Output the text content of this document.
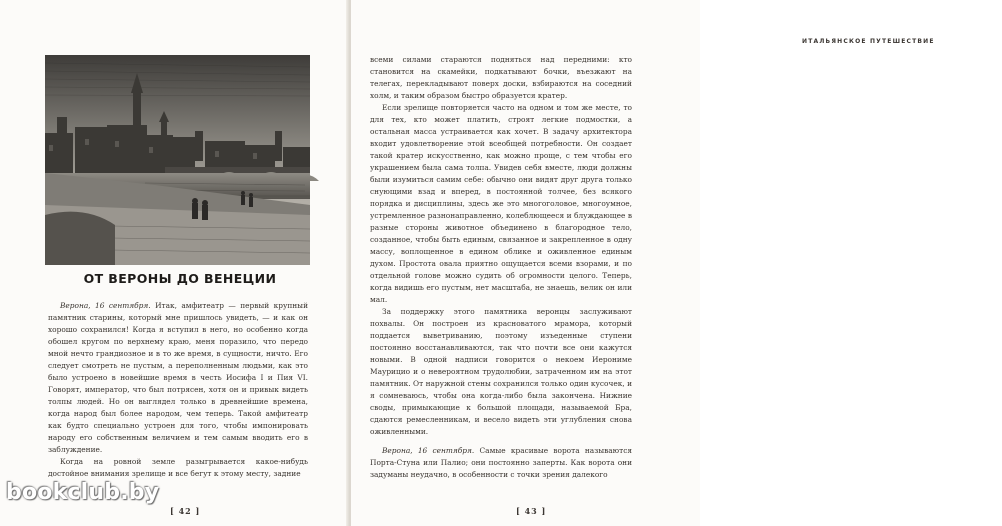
ОТ ВЕРОНЫ ДО ВЕНЕЦИИ

Верона, 16 сентября. Итак, амфитеатр — первый крупный памятник старины, который мне пришлось увидеть, — и как он хорошо сохранился! Когда я вступил в него, но особенно когда обошел кругом по верхнему краю, меня поразило, что передо мной нечто грандиозное и в то же время, в сущности, ничто. Его следует смотреть не пустым, а переполненным людьми, как это было устроено в новейшие время в честь Иосифа I и Пия VI. Говорят, император, что был потрясен, хотя он и привык видеть толпы людей. Но он выглядел только в древнейшие времена, когда народ был более народом, чем теперь. Такой амфитеатр как будто специально устроен для того, чтобы импонировать народу его собственным величием и тем самым вводить его в заблуждение.

Когда на ровной земле разыгрывается какое-нибудь достойное внимания зрелище и все бегут к этому месту, задние

[ 42 ]
ИТАЛЬЯНСКОЕ ПУТЕШЕСТВИЕ

всеми силами стараются подняться над передними: кто становится на скамейки, подкатывают бочки, въезжают на телегах, перекладывают поверх доски, взбираются на соседний холм, и таким образом быстро образуется кратер.

Если зрелище повторяется часто на одном и том же месте, то для тех, кто может платить, строят легкие подмостки, а остальная масса устраивается как хочет. В задачу архитектора входит удовлетворение этой всеобщей потребности. Он создает такой кратер искусственно, как можно проще, с тем чтобы его украшением была сама толпа. Увидев себя вместе, люди должны были изумиться самим себе: обычно они видят друг друга только снующими взад и вперед, в постоянной толчее, без всякого порядка и дисциплины, здесь же это многоголовое, многоумное, устремленное разнонаправленно, колеблющееся и блуждающее в разные стороны животное объединено в благородное тело, созданное, чтобы быть единым, связанное и закрепленное в одну массу, воплощенное в едином облике и оживленное единым духом. Простота овала приятно ощущается всеми взорами, и по отдельной голове можно судить об огромности целого. Теперь, когда видишь его пустым, нет масштаба, не знаешь, велик он или мал.

За поддержку этого памятника веронцы заслуживают похвалы. Он построен из красноватого мрамора, который поддается выветриванию, поэтому изъеденные ступени постоянно восстанавливаются, так что почти все они кажутся новыми. В одной надписи говорится о некоем Иерониме Маурицио и о невероятном трудолюбии, затраченном им на этот памятник. От наружной стены сохранился только один кусочек, и я сомневаюсь, чтобы она когда-либо была закончена. Нижние своды, примыкающие к большой площади, называемой Бра, сдаются ремесленникам, и весело видеть эти углубления снова оживленными.

Верона, 16 сентября. Самые красивые ворота называются Порта-Стуна или Палио; они постоянно заперты. Как ворота они задуманы неудачно, в особенности с точки зрения далекого

[ 43 ]
bookclub.by
